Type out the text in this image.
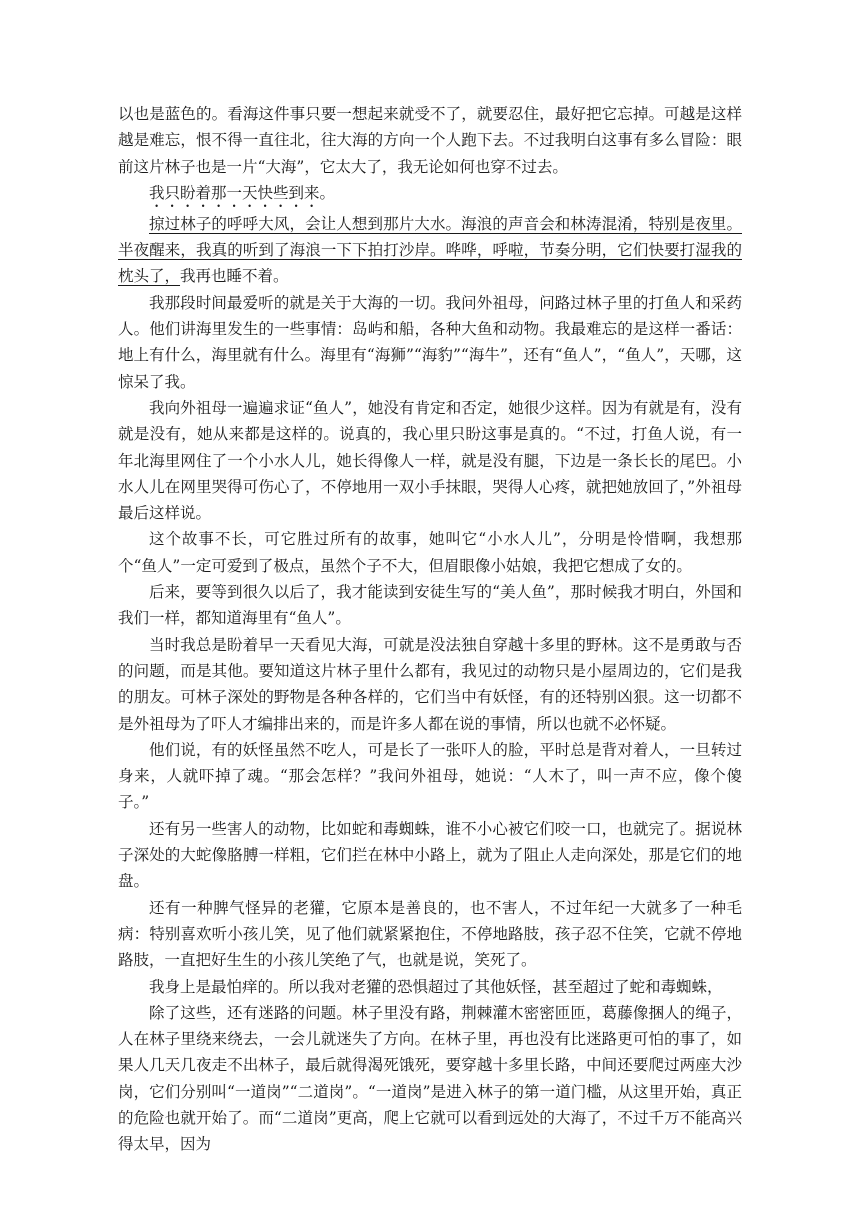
以也是蓝色的。看海这件事只要一想起来就受不了，就要忍住，最好把它忘掉。可越是这样越是难忘，恨不得一直往北，往大海的方向一个人跑下去。不过我明白这事有多么冒险：眼前这片林子也是一片“大海”，它太大了，我无论如何也穿不过去。

我只盼着那一天快些到来。

掠过林子的呼呼大风，会让人想到那片大水。海浪的声音会和林涛混淆，特别是夜里。半夜醒来，我真的听到了海浪一下下拍打沙岸。哗哗，呼啦，节奏分明，它们快要打湿我的枕头了，我再也睡不着。

我那段时间最爱听的就是关于大海的一切。我问外祖母，问路过林子里的打鱼人和采药人。他们讲海里发生的一些事情：岛屿和船，各种大鱼和动物。我最难忘的是这样一番话：地上有什么，海里就有什么。海里有“海狮”“海豹”“海牛”，还有“鱼人”，“鱼人”，天哪，这惊呆了我。

我向外祖母一遍遍求证“鱼人”，她没有肯定和否定，她很少这样。因为有就是有，没有就是没有，她从来都是这样的。说真的，我心里只盼这事是真的。“不过，打鱼人说，有一年北海里网住了一个小水人儿，她长得像人一样，就是没有腿，下边是一条长长的尾巴。小水人儿在网里哭得可伤心了，不停地用一双小手抹眼，哭得人心疼，就把她放回了，”外祖母最后这样说。

这个故事不长，可它胜过所有的故事，她叫它“小水人儿”，分明是怜惜啊，我想那个“鱼人”一定可爱到了极点，虽然个子不大，但眉眼像小姑娘，我把它想成了女的。

后来，要等到很久以后了，我才能读到安徒生写的“美人鱼”，那时候我才明白，外国和我们一样，都知道海里有“鱼人”。

当时我总是盼着早一天看见大海，可就是没法独自穿越十多里的野林。这不是勇敢与否的问题，而是其他。要知道这片林子里什么都有，我见过的动物只是小屋周边的，它们是我的朋友。可林子深处的野物是各种各样的，它们当中有妖怪，有的还特别凶狠。这一切都不是外祖母为了吓人才编排出来的，而是许多人都在说的事情，所以也就不必怀疑。

他们说，有的妖怪虽然不吃人，可是长了一张吓人的脸，平时总是背对着人，一旦转过身来，人就吓掉了魂。“那会怎样？”我问外祖母，她说：“人木了，叫一声不应，像个傻子。”

还有另一些害人的动物，比如蛇和毒蜘蛛，谁不小心被它们咬一口，也就完了。据说林子深处的大蛇像胳膊一样粗，它们拦在林中小路上，就为了阻止人走向深处，那是它们的地盘。

还有一种脾气怪异的老獾，它原本是善良的，也不害人，不过年纪一大就多了一种毛病：特别喜欢听小孩儿笑，见了他们就紧紧抱住，不停地路肢，孩子忍不住笑，它就不停地路肢，一直把好生生的小孩儿笑绝了气，也就是说，笑死了。

我身上是最怕痒的。所以我对老獾的恐惧超过了其他妖怪，甚至超过了蛇和毒蜘蛛，

除了这些，还有迷路的问题。林子里没有路，荆棘灌木密密匝匝，葛藤像捆人的绳子，人在林子里绕来绕去，一会儿就迷失了方向。在林子里，再也没有比迷路更可怕的事了，如果人几天几夜走不出林子，最后就得渴死饿死，要穿越十多里长路，中间还要爬过两座大沙岗，它们分别叫“一道岗”“二道岗”。“一道岗”是进入林子的第一道门槛，从这里开始，真正的危险也就开始了。而“二道岗”更高，爬上它就可以看到远处的大海了，不过千万不能高兴得太早，因为
